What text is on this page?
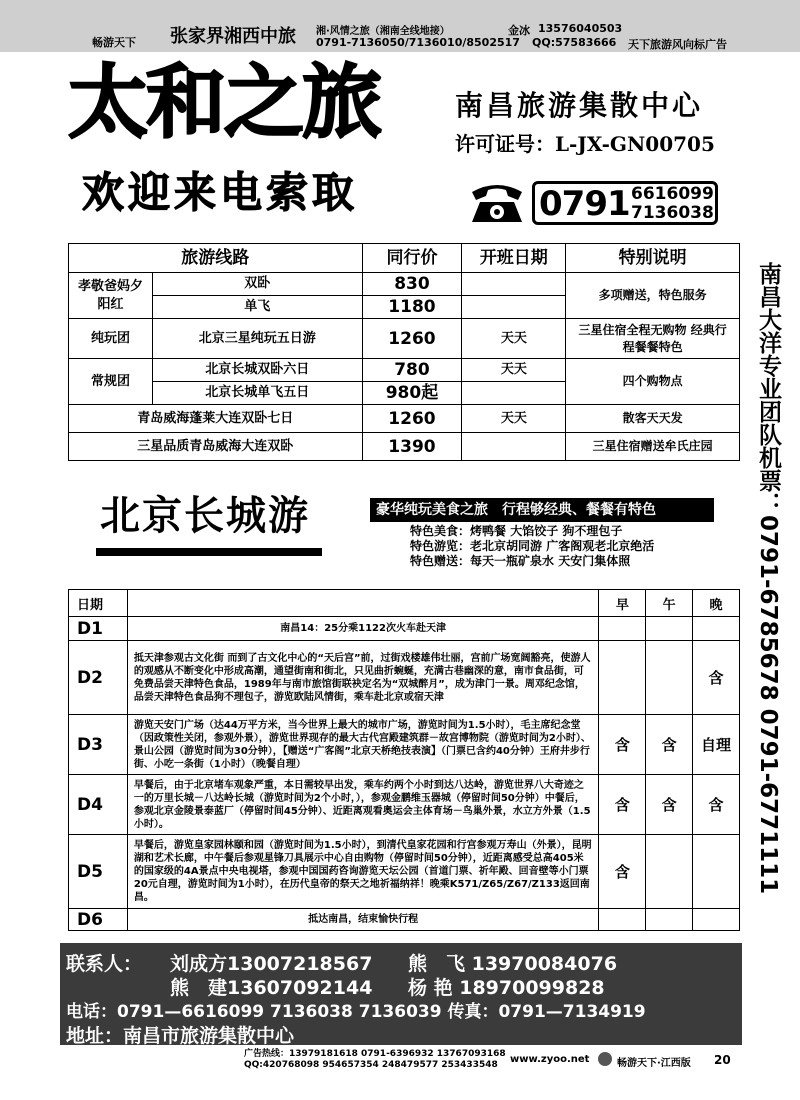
畅游天下 张家界湘西中旅 湘·风情之旅（湘南全线地接）	金冰 13576040503
0791-7136050/7136010/8502517 QQ:57583666 天下旅游风向标广告
太和之旅	南昌旅游集散中心
许可证号：L-JX-GN00705
欢迎来电索取	0791 6616099
7136038
旅游线路		同行价	开班日期	特别说明
孝敬爸妈夕阳红	双卧	830		多项赠送，特色服务
	单飞	1180		
纯玩团	北京三星纯玩五日游	1260	天天	三星住宿全程无购物 经典行程餐餐特色
常规团	北京长城双卧六日	780	天天	四个购物点
	北京长城单飞五日	980起		
青岛威海蓬莱大连双卧七日		1260	天天	散客天天发
三星品质青岛威海大连双卧		1390		三星住宿赠送牟氏庄园	南昌大洋专业团队机票：0791-6785678 0791-6771111
北京长城游	豪华纯玩美食之旅　行程够经典、餐餐有特色
特色美食：烤鸭餐 大馅饺子 狗不理包子
特色游览：老北京胡同游 广客阁观老北京绝活
特色赠送：每天一瓶矿泉水 天安门集体照
日期		早	午	晚
D1	南昌14：25分乘1122次火车赴天津			
D2	抵天津参观古文化街 而到了古文化中心的“天后宫”前，过街戏楼雄伟壮丽，宫前广场宽阔豁亮，使游人的观感从不断变化中形成高潮，通望街南和街北，只见曲折蜿蜒，充满古巷幽深的意，南市食品街，可免费品尝天津特色食品，1989年与南市旅馆街联袂定名为“双城醉月”，成为津门一景。周邓纪念馆，品尝天津特色食品狗不理包子，游览欧陆风情街，乘车赴北京或宿天津			含
D3	游览天安门广场（达44万平方米，当今世界上最大的城市广场，游览时间为1.5小时），毛主席纪念堂（因政策性关闭，参观外景），游览世界现存的最大古代宫殿建筑群－故宫博物院（游览时间为2小时）、景山公园（游览时间为30分钟），【赠送“广客阁”北京天桥绝技表演】（门票已含约40分钟）王府井步行街、小吃一条街（1小时）（晚餐自理）	含	含	自理
D4	早餐后，由于北京堵车观象严重，本日需较早出发，乘车约两个小时到达八达岭，游览世界八大奇迹之一的万里长城－八达岭长城（游览时间为2个小时，），参观金鹏维玉器城（停留时间50分钟）中餐后，参观北京金陵景泰蓝厂（停留时间45分钟）、近距离观看奥运会主体育场－鸟巢外景，水立方外景（1.5小时）。	含	含	含
D5	早餐后，游览皇家园林颐和园（游览时间为1.5小时），到清代皇家花园和行宫参观万寿山（外景），昆明湖和艺术长廊，中午餐后参观星锋刀具展示中心自由购物（停留时间50分钟），近距离感受总高405米的国家级的4A景点中央电视塔，参观中国国药咨询游览天坛公园（首道门票、祈年殿、回音壁等小门票20元自理，游览时间为1小时），在历代皇帝的祭天之地祈福纳祥！晚乘K571/Z65/Z67/Z133返回南昌。	含		
D6	抵达南昌，结束愉快行程			
联系人： 刘成方13007218567 熊　飞 13970084076
熊　建13607092144 杨 艳 18970099828
电话：0791—6616099 7136038 7136039 传真：0791—7134919
地址：南昌市旅游集散中心
广告热线：13979181618 0791-6396932 13767093168
QQ:420768098 954657354 248479577 253433548	www.zyoo.net	畅游天下·江西版 20
